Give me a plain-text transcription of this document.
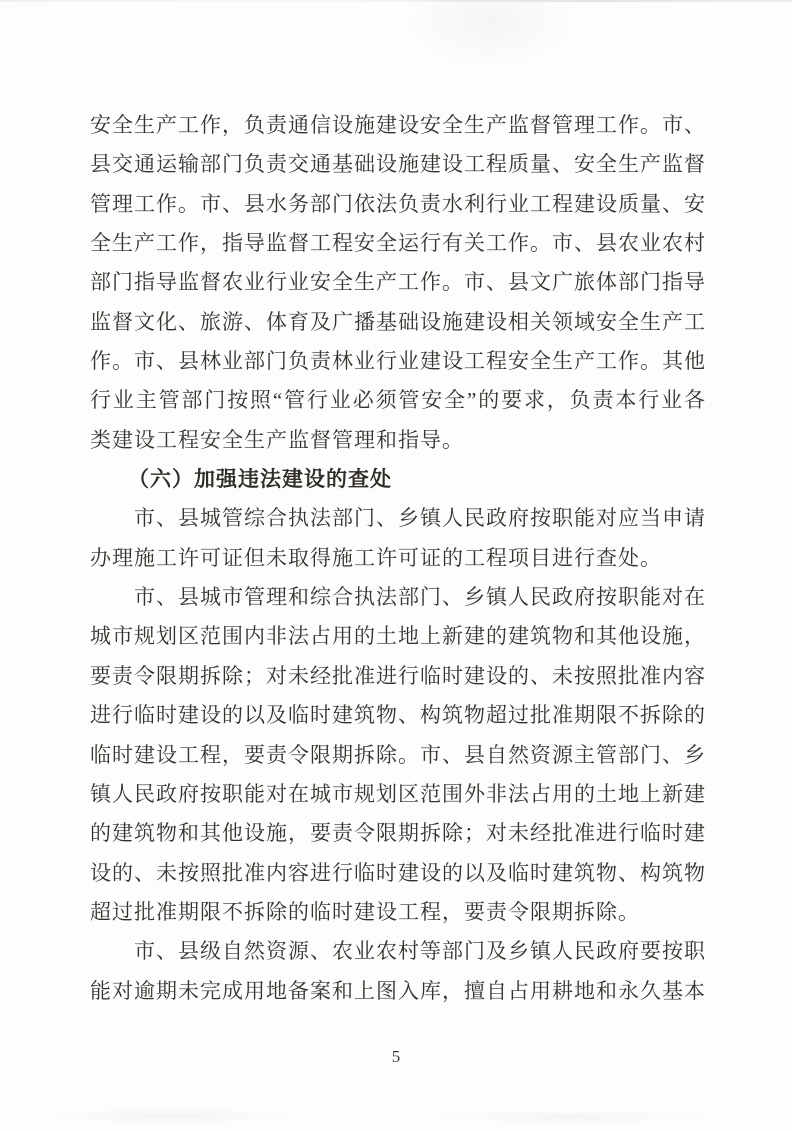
安全生产工作，负责通信设施建设安全生产监督管理工作。市、
县交通运输部门负责交通基础设施建设工程质量、安全生产监督
管理工作。市、县水务部门依法负责水利行业工程建设质量、安
全生产工作，指导监督工程安全运行有关工作。市、县农业农村
部门指导监督农业行业安全生产工作。市、县文广旅体部门指导
监督文化、旅游、体育及广播基础设施建设相关领域安全生产工
作。市、县林业部门负责林业行业建设工程安全生产工作。其他
行业主管部门按照“管行业必须管安全”的要求，负责本行业各
类建设工程安全生产监督管理和指导。
（六）加强违法建设的查处
市、县城管综合执法部门、乡镇人民政府按职能对应当申请
办理施工许可证但未取得施工许可证的工程项目进行查处。
市、县城市管理和综合执法部门、乡镇人民政府按职能对在
城市规划区范围内非法占用的土地上新建的建筑物和其他设施，
要责令限期拆除；对未经批准进行临时建设的、未按照批准内容
进行临时建设的以及临时建筑物、构筑物超过批准期限不拆除的
临时建设工程，要责令限期拆除。市、县自然资源主管部门、乡
镇人民政府按职能对在城市规划区范围外非法占用的土地上新建
的建筑物和其他设施，要责令限期拆除；对未经批准进行临时建
设的、未按照批准内容进行临时建设的以及临时建筑物、构筑物
超过批准期限不拆除的临时建设工程，要责令限期拆除。
市、县级自然资源、农业农村等部门及乡镇人民政府要按职
能对逾期未完成用地备案和上图入库，擅自占用耕地和永久基本
5
